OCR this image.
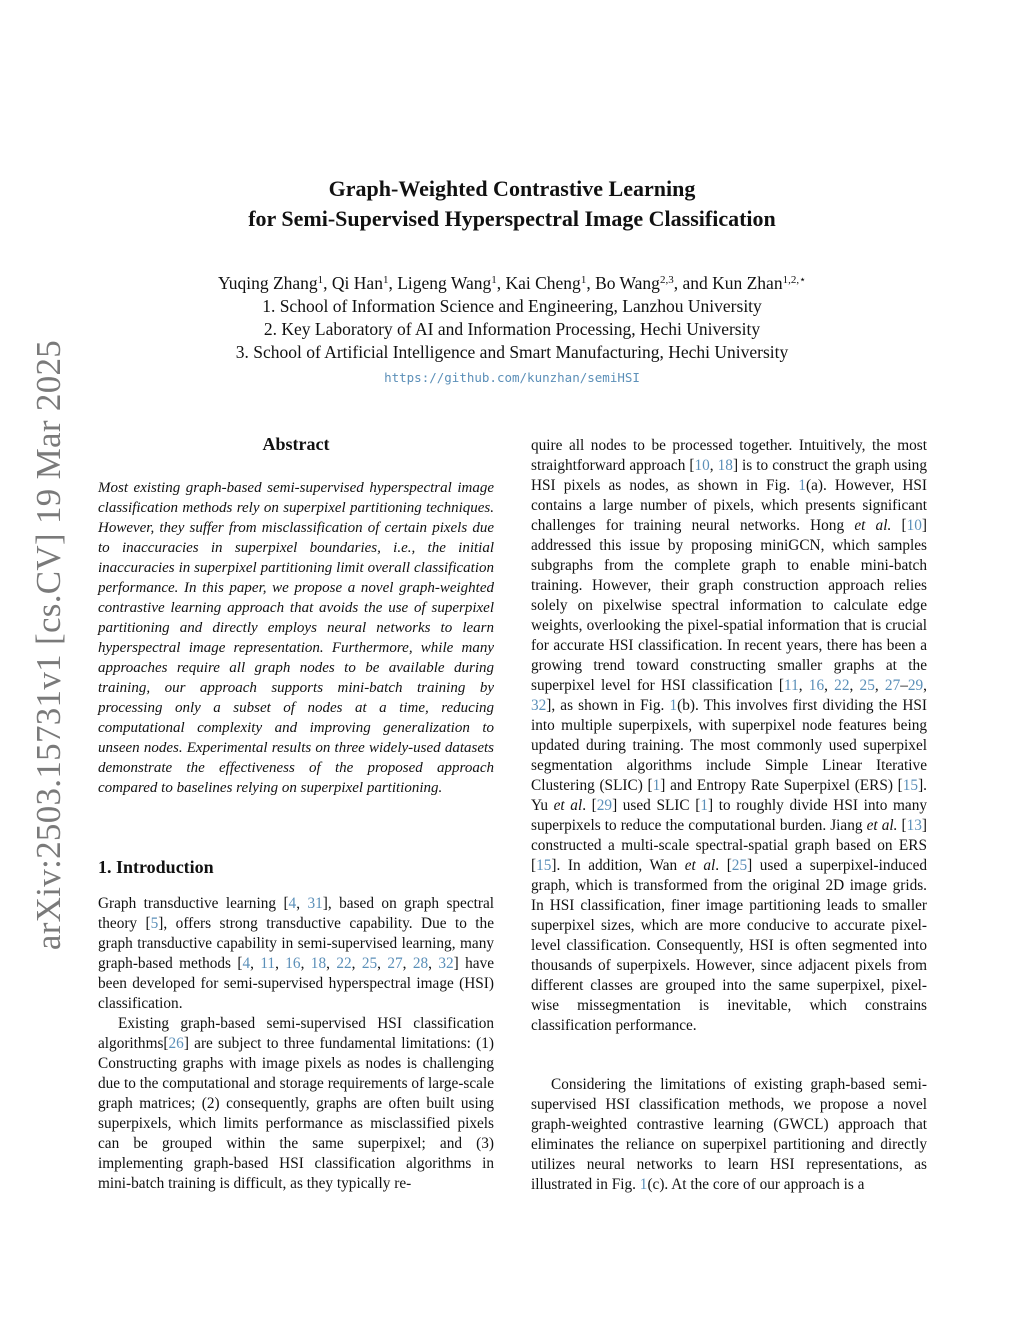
arXiv:2503.15731v1 [cs.CV] 19 Mar 2025
Graph-Weighted Contrastive Learning
for Semi-Supervised Hyperspectral Image Classification
Yuqing Zhang$^1$, Qi Han$^1$, Ligeng Wang$^1$, Kai Cheng$^1$, Bo Wang$^{2,3}$, and Kun Zhan$^{1,2,⋆}$
1. School of Information Science and Engineering, Lanzhou University
2. Key Laboratory of AI and Information Processing, Hechi University
3. School of Artificial Intelligence and Smart Manufacturing, Hechi University
https://github.com/kunzhan/semiHSI
Abstract

Most existing graph-based semi-supervised hyperspectral image classification methods rely on superpixel partitioning techniques. However, they suffer from misclassification of certain pixels due to inaccuracies in superpixel boundaries, i.e., the initial inaccuracies in superpixel partitioning limit overall classification performance. In this paper, we propose a novel graph-weighted contrastive learning approach that avoids the use of superpixel partitioning and directly employs neural networks to learn hyperspectral image representation. Furthermore, while many approaches require all graph nodes to be available during training, our approach supports mini-batch training by processing only a subset of nodes at a time, reducing computational complexity and improving generalization to unseen nodes. Experimental results on three widely-used datasets demonstrate the effectiveness of the proposed approach compared to baselines relying on superpixel partitioning.

1. Introduction

Graph transductive learning [4, 31], based on graph spectral theory [5], offers strong transductive capability. Due to the graph transductive capability in semi-supervised learning, many graph-based methods [4, 11, 16, 18, 22, 25, 27, 28, 32] have been developed for semi-supervised hyperspectral image (HSI) classification.

Existing graph-based semi-supervised HSI classification algorithms[26] are subject to three fundamental limitations: (1) Constructing graphs with image pixels as nodes is challenging due to the computational and storage requirements of large-scale graph matrices; (2) consequently, graphs are often built using superpixels, which limits performance as misclassified pixels can be grouped within the same superpixel; and (3) implementing graph-based HSI classification algorithms in mini-batch training is difficult, as they typically re-

quire all nodes to be processed together. Intuitively, the most straightforward approach [10, 18] is to construct the graph using HSI pixels as nodes, as shown in Fig. 1(a). However, HSI contains a large number of pixels, which presents significant challenges for training neural networks. Hong et al. [10] addressed this issue by proposing miniGCN, which samples subgraphs from the complete graph to enable mini-batch training. However, their graph construction approach relies solely on pixelwise spectral information to calculate edge weights, overlooking the pixel-spatial information that is crucial for accurate HSI classification. In recent years, there has been a growing trend toward constructing smaller graphs at the superpixel level for HSI classification [11, 16, 22, 25, 27–29, 32], as shown in Fig. 1(b). This involves first dividing the HSI into multiple superpixels, with superpixel node features being updated during training. The most commonly used superpixel segmentation algorithms include Simple Linear Iterative Clustering (SLIC) [1] and Entropy Rate Superpixel (ERS) [15]. Yu et al. [29] used SLIC [1] to roughly divide HSI into many superpixels to reduce the computational burden. Jiang et al. [13] constructed a multi-scale spectral-spatial graph based on ERS [15]. In addition, Wan et al. [25] used a superpixel-induced graph, which is transformed from the original 2D image grids. In HSI classification, finer image partitioning leads to smaller superpixel sizes, which are more conducive to accurate pixel-level classification. Consequently, HSI is often segmented into thousands of superpixels. However, since adjacent pixels from different classes are grouped into the same superpixel, pixel-wise missegmentation is inevitable, which constrains classification performance.

Considering the limitations of existing graph-based semi-supervised HSI classification methods, we propose a novel graph-weighted contrastive learning (GWCL) approach that eliminates the reliance on superpixel partitioning and directly utilizes neural networks to learn HSI representations, as illustrated in Fig. 1(c). At the core of our approach is a
